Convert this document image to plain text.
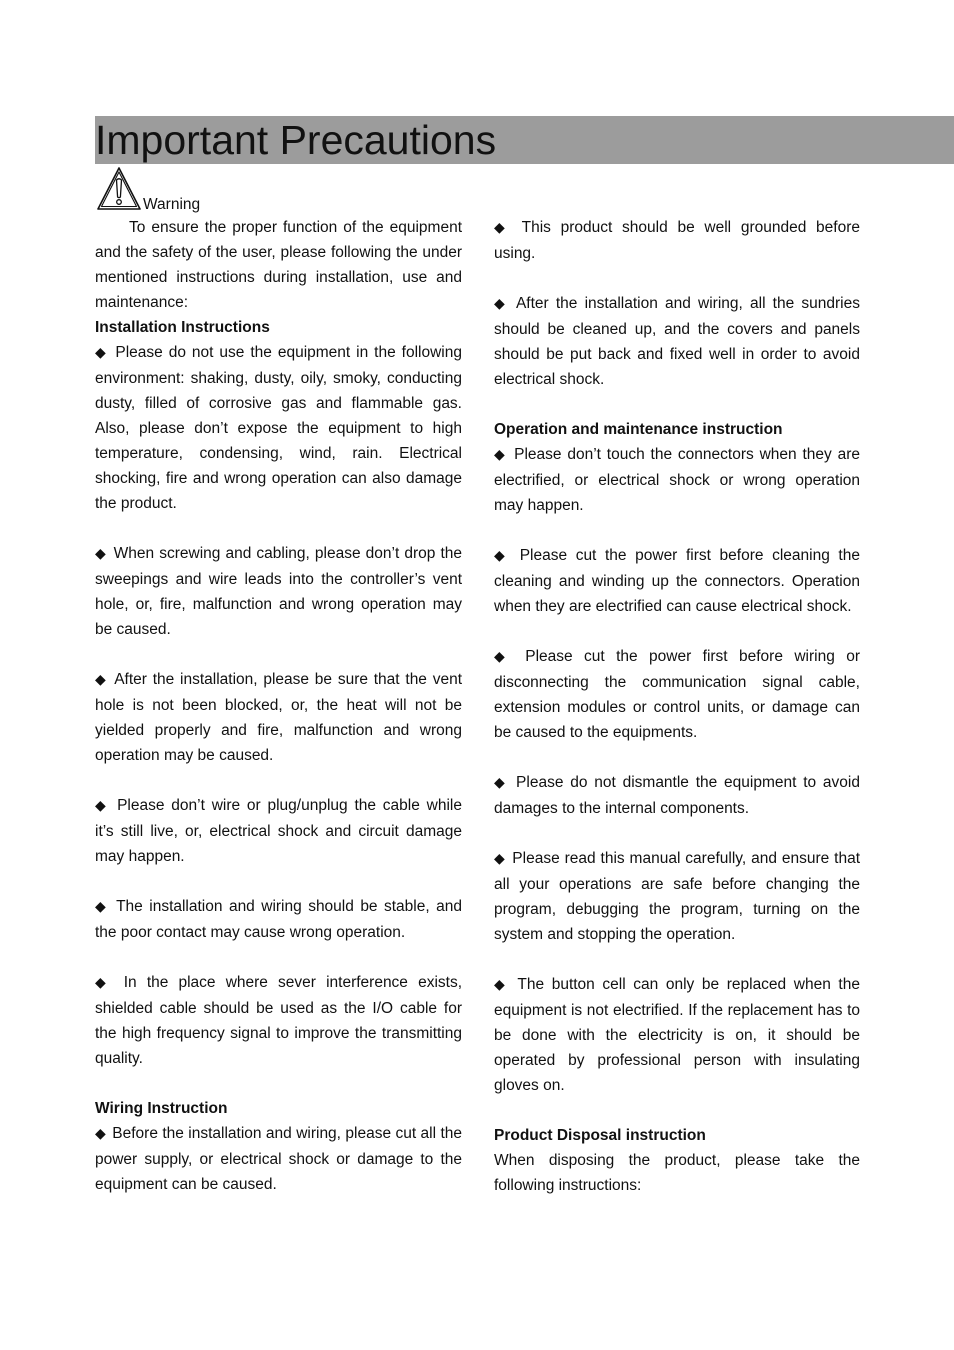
Important Precautions
Warning

To ensure the proper function of the equipment and the safety of the user, please following the under mentioned instructions during installation, use and maintenance:

Installation Instructions

◆ Please do not use the equipment in the following environment: shaking, dusty, oily, smoky, conducting dusty, filled of corrosive gas and flammable gas. Also, please don’t expose the equipment to high temperature, condensing, wind, rain. Electrical shocking, fire and wrong operation can also damage the product.

◆ When screwing and cabling, please don’t drop the sweepings and wire leads into the controller’s vent hole, or, fire, malfunction and wrong operation may be caused.

◆ After the installation, please be sure that the vent hole is not been blocked, or, the heat will not be yielded properly and fire, malfunction and wrong operation may be caused.

◆ Please don’t wire or plug/unplug the cable while it’s still live, or, electrical shock and circuit damage may happen.

◆ The installation and wiring should be stable, and the poor contact may cause wrong operation.

◆ In the place where sever interference exists, shielded cable should be used as the I/O cable for the high frequency signal to improve the transmitting quality.

Wiring Instruction

◆ Before the installation and wiring, please cut all the power supply, or electrical shock or damage to the equipment can be caused.

◆ This product should be well grounded before using.

◆ After the installation and wiring, all the sundries should be cleaned up, and the covers and panels should be put back and fixed well in order to avoid electrical shock.

Operation and maintenance instruction

◆ Please don’t touch the connectors when they are electrified, or electrical shock or wrong operation may happen.

◆ Please cut the power first before cleaning the cleaning and winding up the connectors. Operation when they are electrified can cause electrical shock.

◆ Please cut the power first before wiring or disconnecting the communication signal cable, extension modules or control units, or damage can be caused to the equipments.

◆ Please do not dismantle the equipment to avoid damages to the internal components.

◆ Please read this manual carefully, and ensure that all your operations are safe before changing the program, debugging the program, turning on the system and stopping the operation.

◆ The button cell can only be replaced when the equipment is not electrified. If the replacement has to be done with the electricity is on, it should be operated by professional person with insulating gloves on.

Product Disposal instruction

When disposing the product, please take the following instructions:
